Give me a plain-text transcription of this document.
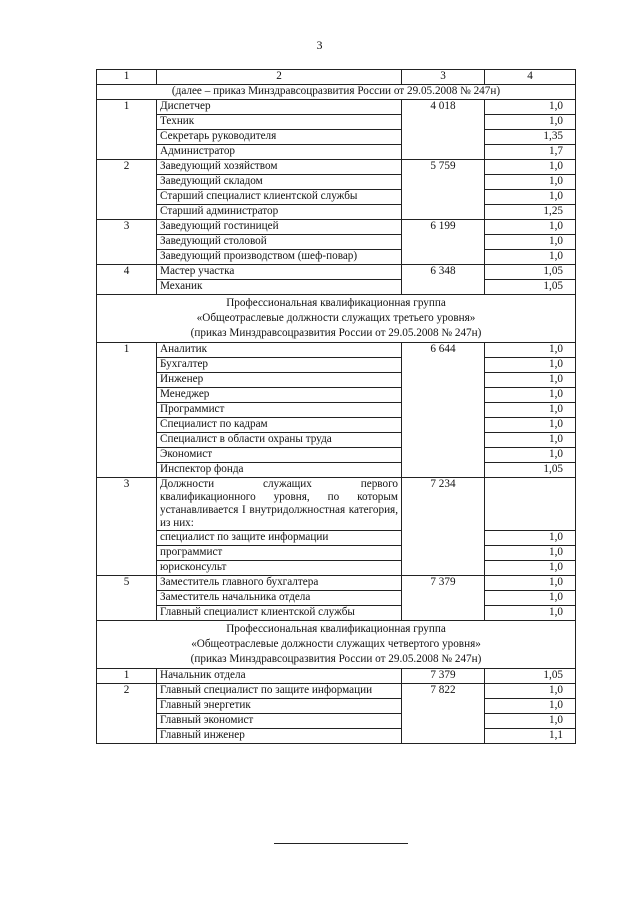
3
1	2	3	4
(далее – приказ Минздравсоцразвития России от 29.05.2008 № 247н)			
1	Диспетчер	4 018	1,0
	Техник		1,0
	Секретарь руководителя		1,35
	Администратор		1,7
2	Заведующий хозяйством	5 759	1,0
	Заведующий складом		1,0
	Старший специалист клиентской службы		1,0
	Старший администратор		1,25
3	Заведующий гостиницей	6 199	1,0
	Заведующий столовой		1,0
	Заведующий производством (шеф-повар)		1,0
4	Мастер участка	6 348	1,05
	Механик		1,05

Профессиональная квалификационная группа
«Общеотраслевые должности служащих третьего уровня»
(приказ Минздравсоцразвития России от 29.05.2008 № 247н)			

1	Аналитик	6 644	1,0
	Бухгалтер		1,0
	Инженер		1,0
	Менеджер		1,0
	Программист		1,0
	Специалист по кадрам		1,0
	Специалист в области охраны труда		1,0
	Экономист		1,0
	Инспектор фонда		1,05
3	Должности служащих первого квалификационного уровня, по которым устанавливается I внутридолжностная категория, из них:	7 234	
	специалист по защите информации		1,0
	программист		1,0
	юрисконсульт		1,0
5	Заместитель главного бухгалтера	7 379	1,0
	Заместитель начальника отдела		1,0
	Главный специалист клиентской службы		1,0

Профессиональная квалификационная группа
«Общеотраслевые должности служащих четвертого уровня»
(приказ Минздравсоцразвития России от 29.05.2008 № 247н)			

1	Начальник отдела	7 379	1,05
2	Главный специалист по защите информации	7 822	1,0
	Главный энергетик		1,0
	Главный экономист		1,0
	Главный инженер		1,1
